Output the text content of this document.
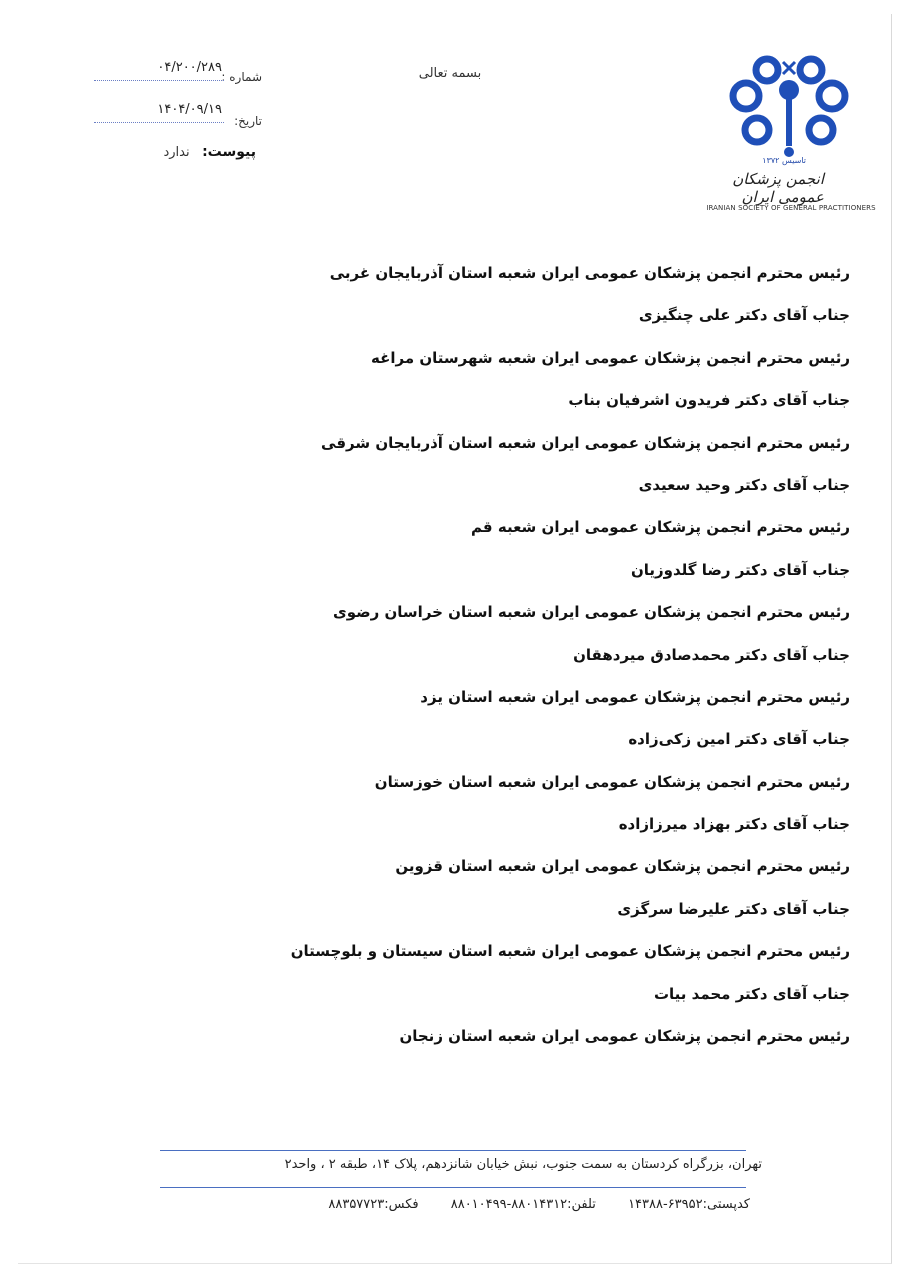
تاسیس ۱۳۷۲
انجمن پزشکان عمومی ایران
IRANIAN SOCIETY OF GENERAL PRACTITIONERS
بسمه تعالی
شماره :
۰۴/۲۰۰/۲۸۹
تاریخ:
۱۴۰۴/۰۹/۱۹
پیوست: ندارد
رئیس محترم انجمن پزشکان عمومی ایران شعبه استان آذربایجان غربی
جناب آقای دکتر علی چنگیزی
رئیس محترم انجمن پزشکان عمومی ایران شعبه شهرستان مراغه
جناب آقای دکتر فریدون اشرفیان بناب
رئیس محترم انجمن پزشکان عمومی ایران شعبه استان آذربایجان شرقی
جناب آقای دکتر وحید سعیدی
رئیس محترم انجمن پزشکان عمومی ایران شعبه قم
جناب آقای دکتر رضا گلدوزیان
رئیس محترم انجمن پزشکان عمومی ایران شعبه استان خراسان رضوی
جناب آقای دکتر محمدصادق میردهقان
رئیس محترم انجمن پزشکان عمومی ایران شعبه استان یزد
جناب آقای دکتر امین زکی‌زاده
رئیس محترم انجمن پزشکان عمومی ایران شعبه استان خوزستان
جناب آقای دکتر بهزاد میرزازاده
رئیس محترم انجمن پزشکان عمومی ایران شعبه استان قزوین
جناب آقای دکتر علیرضا سرگزی
رئیس محترم انجمن پزشکان عمومی ایران شعبه استان سیستان و بلوچستان
جناب آقای دکتر محمد بیات
رئیس محترم انجمن پزشکان عمومی ایران شعبه استان زنجان
تهران، بزرگراه کردستان به سمت جنوب، نبش خیابان شانزدهم، پلاک ۱۴، طبقه ۲ ، واحد۲
کدپستی:۶۳۹۵۲-۱۴۳۸۸ تلفن:۸۸۰۱۴۳۱۲-۸۸۰۱۰۴۹۹ فکس:۸۸۳۵۷۷۲۳
